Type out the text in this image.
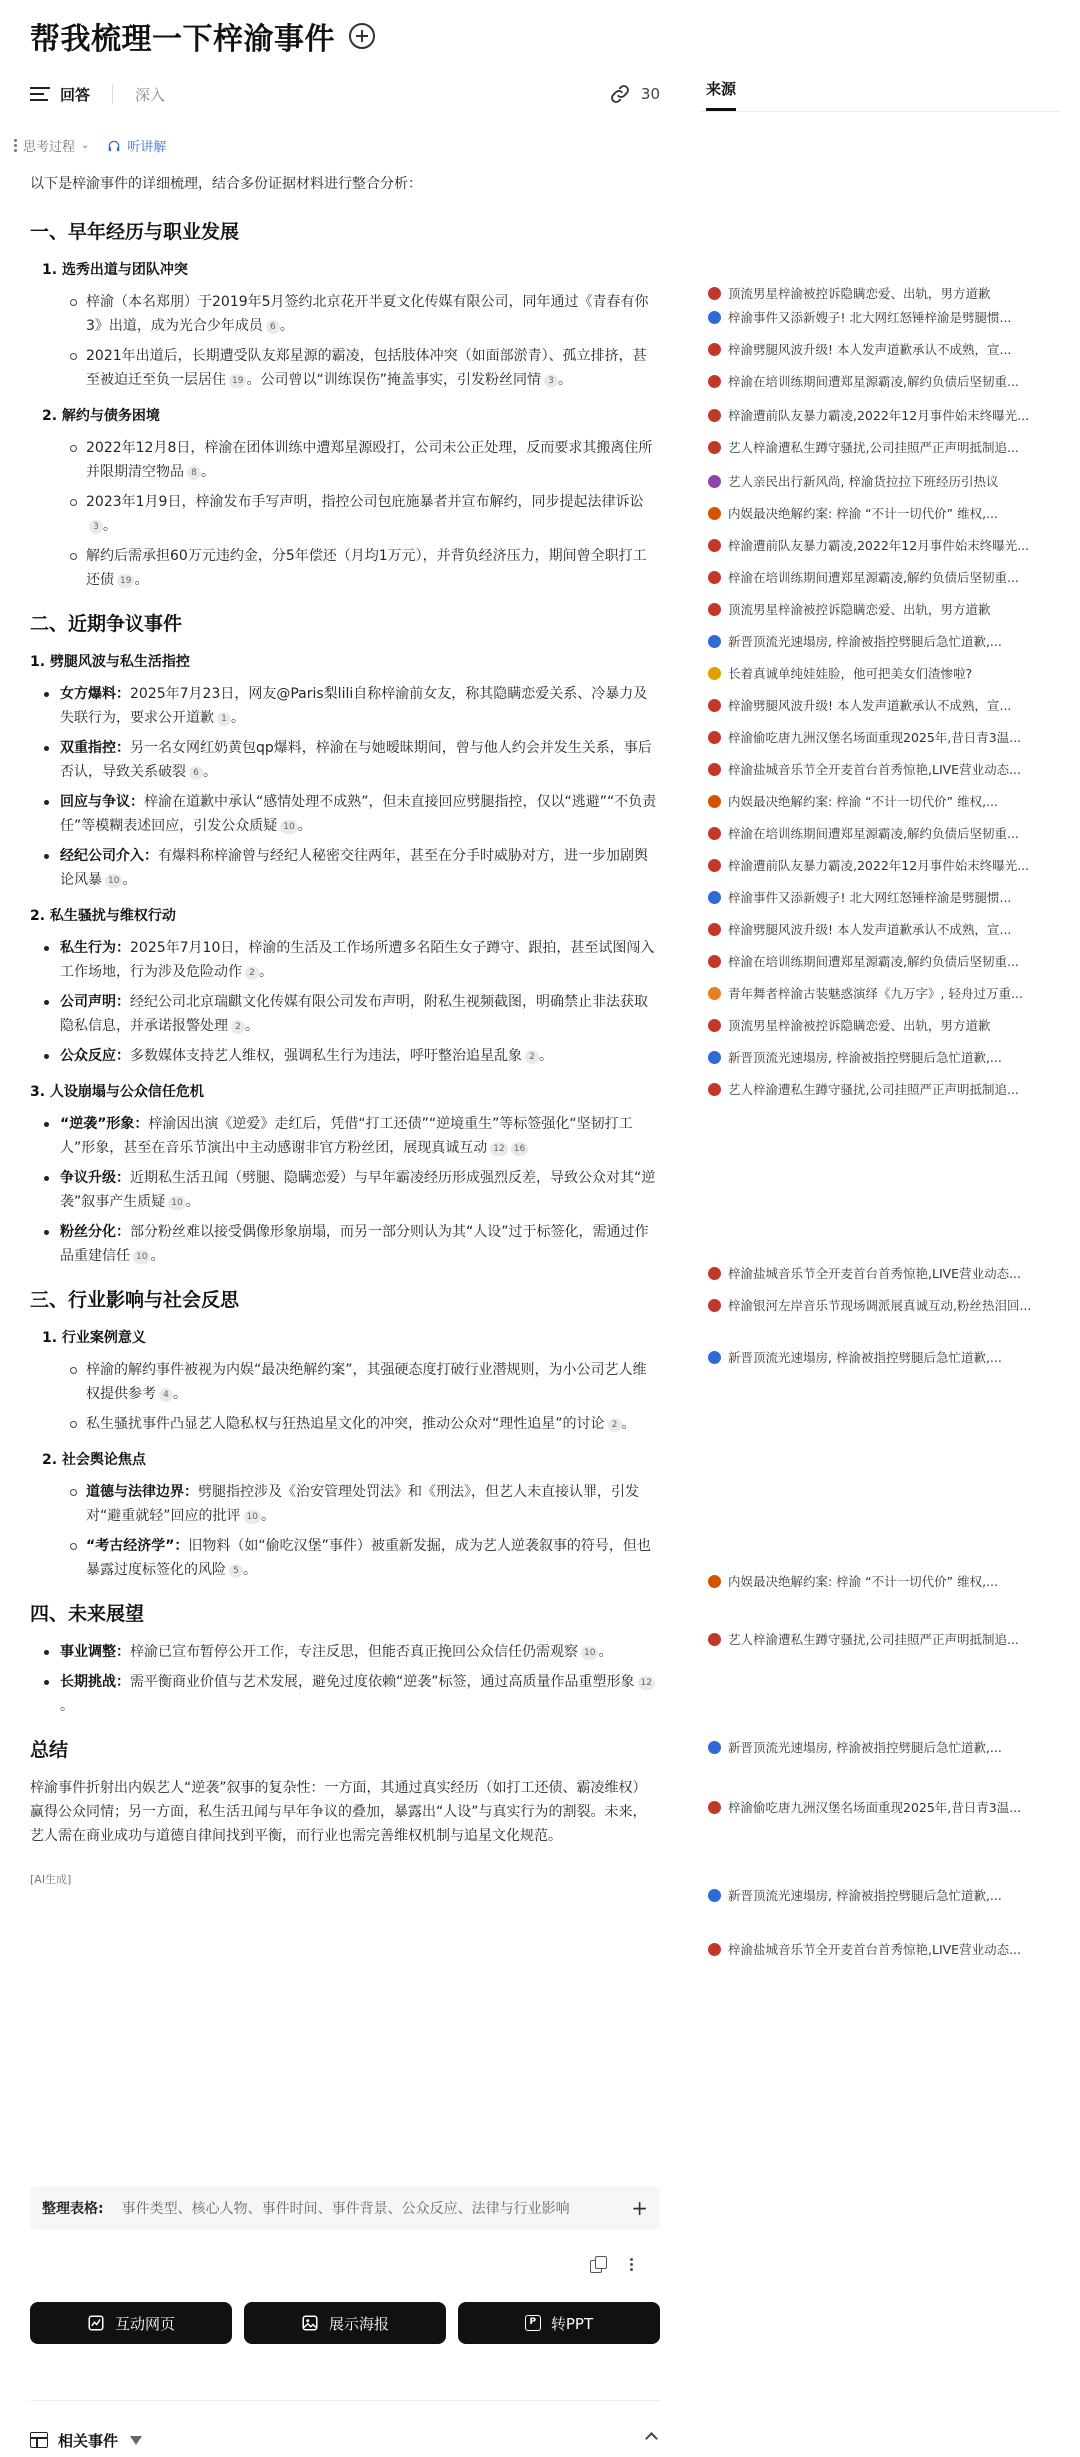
帮我梳理一下梓渝事件
回答	深入	30	来源
思考过程 ⌄	听讲解

以下是梓渝事件的详细梳理，结合多份证据材料进行整合分析：

一、早年经历与职业发展
1. 选秀出道与团队冲突
梓渝（本名郑朋）于2019年5月签约北京花开半夏文化传媒有限公司，同年通过《青春有你3》出道，成为光合少年成员 6 。
2021年出道后，长期遭受队友郑星源的霸凌，包括肢体冲突（如面部淤青）、孤立排挤，甚至被迫迁至负一层居住 19 。公司曾以“训练误伤”掩盖事实，引发粉丝同情 3 。
2. 解约与债务困境
2022年12月8日，梓渝在团体训练中遭郑星源殴打，公司未公正处理，反而要求其搬离住所并限期清空物品 8 。
2023年1月9日，梓渝发布手写声明，指控公司包庇施暴者并宣布解约，同步提起法律诉讼3 。
解约后需承担60万元违约金，分5年偿还（月均1万元），并背负经济压力，期间曾全职打工还债 19 。
二、近期争议事件
1. 劈腿风波与私生活指控
女方爆料：2025年7月23日，网友@Paris梨lili自称梓渝前女友，称其隐瞒恋爱关系、冷暴力及失联行为，要求公开道歉 1 。
双重指控：另一名女网红奶黄包qp爆料，梓渝在与她暧昧期间，曾与他人约会并发生关系，事后否认，导致关系破裂 6 。
回应与争议：梓渝在道歉中承认“感情处理不成熟”，但未直接回应劈腿指控，仅以“逃避”“不负责任”等模糊表述回应，引发公众质疑 10 。
经纪公司介入：有爆料称梓渝曾与经纪人秘密交往两年，甚至在分手时威胁对方，进一步加剧舆论风暴 10 。
2. 私生骚扰与维权行动
私生行为：2025年7月10日，梓渝的生活及工作场所遭多名陌生女子蹲守、跟拍，甚至试图闯入工作场地，行为涉及危险动作 2 。
公司声明：经纪公司北京瑞麒文化传媒有限公司发布声明，附私生视频截图，明确禁止非法获取隐私信息，并承诺报警处理 2 。
公众反应：多数媒体支持艺人维权，强调私生行为违法，呼吁整治追星乱象 2 。
3. 人设崩塌与公众信任危机
“逆袭”形象：梓渝因出演《逆爱》走红后，凭借“打工还债”“逆境重生”等标签强化“坚韧打工人”形象，甚至在音乐节演出中主动感谢非官方粉丝团，展现真诚互动 12 16
争议升级：近期私生活丑闻（劈腿、隐瞒恋爱）与早年霸凌经历形成强烈反差，导致公众对其“逆袭”叙事产生质疑 10 。
粉丝分化：部分粉丝难以接受偶像形象崩塌，而另一部分则认为其“人设”过于标签化，需通过作品重建信任 10 。
三、行业影响与社会反思
1. 行业案例意义
梓渝的解约事件被视为内娱“最决绝解约案”，其强硬态度打破行业潜规则，为小公司艺人维权提供参考 4 。
私生骚扰事件凸显艺人隐私权与狂热追星文化的冲突，推动公众对“理性追星”的讨论 2 。
2. 社会舆论焦点
道德与法律边界：劈腿指控涉及《治安管理处罚法》和《刑法》，但艺人未直接认罪，引发对“避重就轻”回应的批评 10 。
“考古经济学”：旧物料（如“偷吃汉堡”事件）被重新发掘，成为艺人逆袭叙事的符号，但也暴露过度标签化的风险 5 。
四、未来展望
事业调整：梓渝已宣布暂停公开工作，专注反思，但能否真正挽回公众信任仍需观察 10 。
长期挑战：需平衡商业价值与艺术发展，避免过度依赖“逆袭”标签，通过高质量作品重塑形象 12。
总结

梓渝事件折射出内娱艺人“逆袭”叙事的复杂性：一方面，其通过真实经历（如打工还债、霸凌维权）赢得公众同情；另一方面，私生活丑闻与早年争议的叠加，暴露出“人设”与真实行为的割裂。未来，艺人需在商业成功与道德自律间找到平衡，而行业也需完善维权机制与追星文化规范。

[AI生成]
整理表格: 事件类型、核心人物、事件时间、事件背景、公众反应、法律与行业影响	+
互动网页	展示海报	P 转PPT
相关事件
顶流男星梓渝被控诉隐瞒恋爱、出轨，男方道歉
梓渝事件又添新嫂子! 北大网红怒锤梓渝是劈腿惯...
梓渝劈腿风波升级! 本人发声道歉承认不成熟，宣...
梓渝在培训练期间遭郑星源霸凌,解约负债后坚韧重...
梓渝遭前队友暴力霸凌,2022年12月事件始末终曝光...
艺人梓渝遭私生蹲守骚扰,公司挂照严正声明抵制追...
艺人亲民出行新风尚, 梓渝货拉拉下班经历引热议
内娱最决绝解约案: 梓渝 “不计一切代价” 维权,...
梓渝遭前队友暴力霸凌,2022年12月事件始末终曝光...
梓渝在培训练期间遭郑星源霸凌,解约负债后坚韧重...
顶流男星梓渝被控诉隐瞒恋爱、出轨，男方道歉
新晋顶流光速塌房, 梓渝被指控劈腿后急忙道歉,...
长着真诚单纯娃娃脸，他可把美女们渣惨啦?
梓渝劈腿风波升级! 本人发声道歉承认不成熟，宣...
梓渝偷吃唐九洲汉堡名场面重现2025年,昔日青3温...
梓渝盐城音乐节全开麦首台首秀惊艳,LIVE营业动态...
内娱最决绝解约案: 梓渝 “不计一切代价” 维权,...
梓渝在培训练期间遭郑星源霸凌,解约负债后坚韧重...
梓渝遭前队友暴力霸凌,2022年12月事件始末终曝光...
梓渝事件又添新嫂子! 北大网红怒锤梓渝是劈腿惯...
梓渝劈腿风波升级! 本人发声道歉承认不成熟，宣...
梓渝在培训练期间遭郑星源霸凌,解约负债后坚韧重...
青年舞者梓渝古装魅惑演绎《九万字》, 轻舟过万重...
顶流男星梓渝被控诉隐瞒恋爱、出轨，男方道歉
新晋顶流光速塌房, 梓渝被指控劈腿后急忙道歉,...
艺人梓渝遭私生蹲守骚扰,公司挂照严正声明抵制追...
梓渝盐城音乐节全开麦首台首秀惊艳,LIVE营业动态...
梓渝银河左岸音乐节现场调派展真诚互动,粉丝热泪回...
新晋顶流光速塌房, 梓渝被指控劈腿后急忙道歉,...
内娱最决绝解约案: 梓渝 “不计一切代价” 维权,...
艺人梓渝遭私生蹲守骚扰,公司挂照严正声明抵制追...
新晋顶流光速塌房, 梓渝被指控劈腿后急忙道歉,...
梓渝偷吃唐九洲汉堡名场面重现2025年,昔日青3温...
新晋顶流光速塌房, 梓渝被指控劈腿后急忙道歉,...
梓渝盐城音乐节全开麦首台首秀惊艳,LIVE营业动态...
